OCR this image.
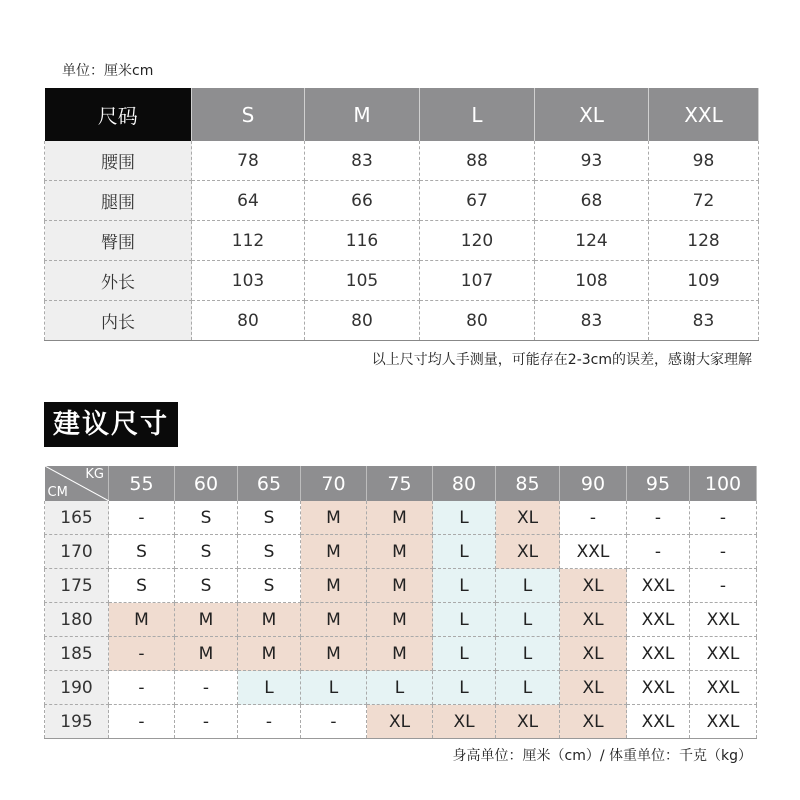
单位：厘米cm
尺码	S	M	L	XL	XXL
腰围	78	83	88	93	98
腿围	64	66	67	68	72
臀围	112	116	120	124	128
外长	103	105	107	108	109
内长	80	80	80	83	83
以上尺寸均人手测量，可能存在2-3cm的误差，感谢大家理解
建议尺寸
KG
CM	55	60	65	70	75	80	85	90	95	100
165	-	S	S	M	M	L	XL	-	-	-
170	S	S	S	M	M	L	XL	XXL	-	-
175	S	S	S	M	M	L	L	XL	XXL	-
180	M	M	M	M	M	L	L	XL	XXL	XXL
185	-	M	M	M	M	L	L	XL	XXL	XXL
190	-	-	L	L	L	L	L	XL	XXL	XXL
195	-	-	-	-	XL	XL	XL	XL	XXL	XXL
身高单位：厘米（cm）/ 体重单位：千克（kg）
